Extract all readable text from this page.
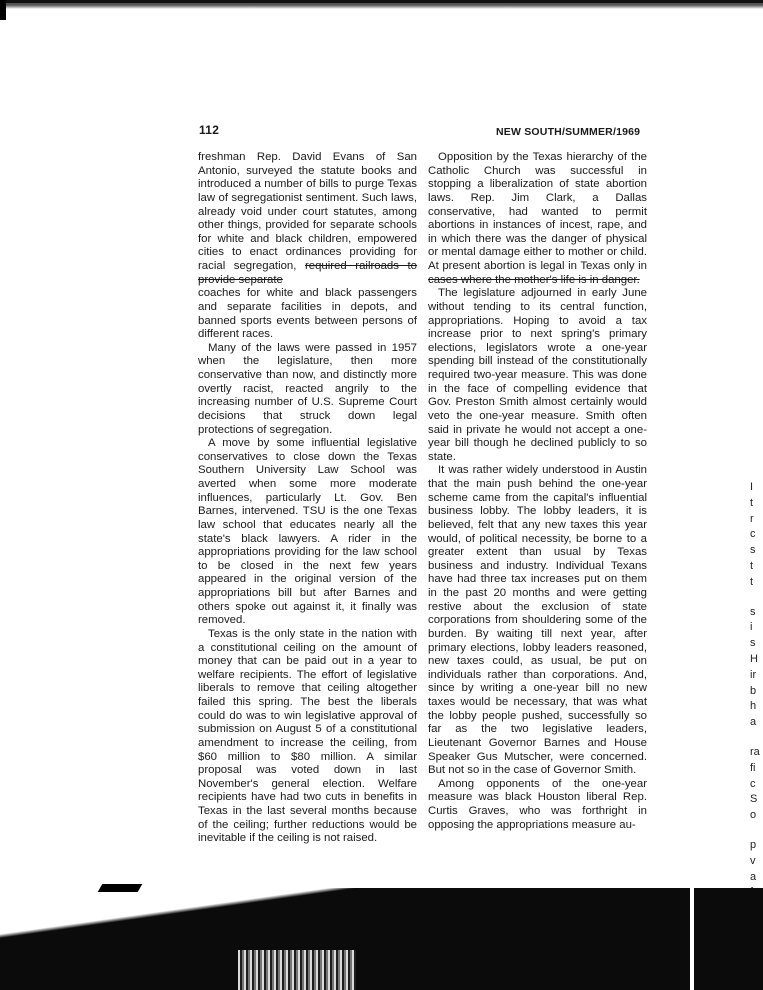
112	NEW SOUTH/SUMMER/1969

freshman Rep. David Evans of San Antonio, surveyed the statute books and introduced a number of bills to purge Texas law of segregationist sentiment. Such laws, already void under court statutes, among other things, provided for separate schools for white and black children, empowered cities to enact ordinances providing for racial segregation, required railroads to provide separate

coaches for white and black passengers and separate facilities in depots, and banned sports events between persons of different races.

Many of the laws were passed in 1957 when the legislature, then more conservative than now, and distinctly more overtly racist, reacted angrily to the increasing number of U.S. Supreme Court decisions that struck down legal protections of segregation.

A move by some influential legislative conservatives to close down the Texas Southern University Law School was averted when some more moderate influences, particularly Lt. Gov. Ben Barnes, intervened. TSU is the one Texas law school that educates nearly all the state's black lawyers. A rider in the appropriations providing for the law school to be closed in the next few years appeared in the original version of the appropriations bill but after Barnes and others spoke out against it, it finally was removed.

Texas is the only state in the nation with a constitutional ceiling on the amount of money that can be paid out in a year to welfare recipients. The effort of legislative liberals to remove that ceiling altogether failed this spring. The best the liberals could do was to win legislative approval of submission on August 5 of a constitutional amendment to increase the ceiling, from $60 million to $80 million. A similar proposal was voted down in last November's general election. Welfare recipients have had two cuts in benefits in Texas in the last several months because of the ceiling; further reductions would be inevitable if the ceiling is not raised.

Opposition by the Texas hierarchy of the Catholic Church was successful in stopping a liberalization of state abortion laws. Rep. Jim Clark, a Dallas conservative, had wanted to permit abortions in instances of incest, rape, and in which there was the danger of physical or mental damage either to mother or child. At present abortion is legal in Texas only in cases where the mother's life is in danger.

The legislature adjourned in early June without tending to its central function, appropriations. Hoping to avoid a tax increase prior to next spring's primary elections, legislators wrote a one-year spending bill instead of the constitutionally required two-year measure. This was done in the face of compelling evidence that Gov. Preston Smith almost certainly would veto the one-year measure. Smith often said in private he would not accept a one-year bill though he declined publicly to so state.

It was rather widely understood in Austin that the main push behind the one-year scheme came from the capital's influential business lobby. The lobby leaders, it is believed, felt that any new taxes this year would, of political necessity, be borne to a greater extent than usual by Texas business and industry. Individual Texans have had three tax increases put on them in the past 20 months and were getting restive about the exclusion of state corporations from shouldering some of the burden. By waiting till next year, after primary elections, lobby leaders reasoned, new taxes could, as usual, be put on individuals rather than corporations. And, since by writing a one-year bill no new taxes would be necessary, that was what the lobby people pushed, successfully so far as the two legislative leaders, Lieutenant Governor Barnes and House Speaker Gus Mutscher, were concerned. But not so in the case of Governor Smith.

Among opponents of the one-year measure was black Houston liberal Rep. Curtis Graves, who was forthright in opposing the appropriations measure au-

I
t
r
c
s
t
t
s
i
s
H
ir
b
h
a
ra
fi
c
S
o
p
v
a
